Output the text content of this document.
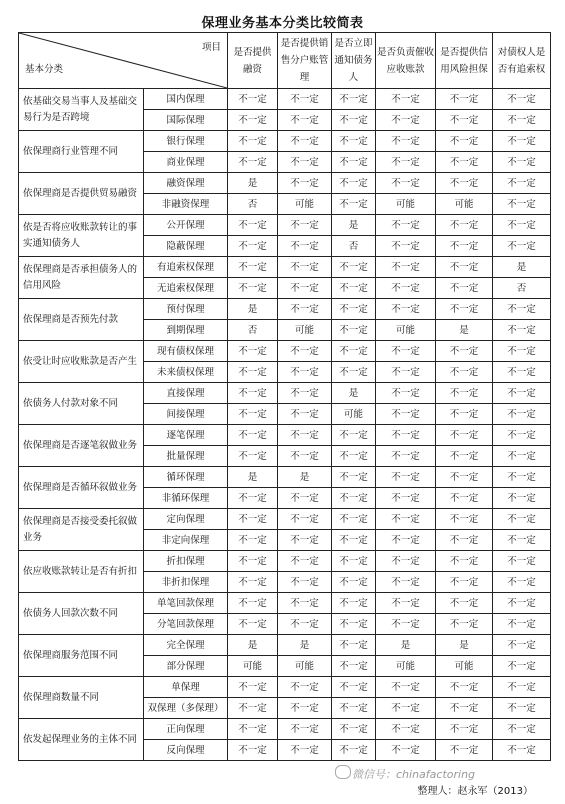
保理业务基本分类比较简表
项目
基本分类		是否提供融资	是否提供销售分户账管理	是否立即通知债务人	是否负责催收应收账款	是否提供信用风险担保	对债权人是否有追索权
依基础交易当事人及基础交易行为是否跨境	国内保理	不一定	不一定	不一定	不一定	不一定	不一定
	国际保理	不一定	不一定	不一定	不一定	不一定	不一定
依保理商行业管理不同	银行保理	不一定	不一定	不一定	不一定	不一定	不一定
	商业保理	不一定	不一定	不一定	不一定	不一定	不一定
依保理商是否提供贸易融资	融资保理	是	不一定	不一定	不一定	不一定	不一定
	非融资保理	否	可能	不一定	可能	可能	不一定
依是否将应收账款转让的事实通知债务人	公开保理	不一定	不一定	是	不一定	不一定	不一定
	隐蔽保理	不一定	不一定	否	不一定	不一定	不一定
依保理商是否承担债务人的信用风险	有追索权保理	不一定	不一定	不一定	不一定	不一定	是
	无追索权保理	不一定	不一定	不一定	不一定	不一定	否
依保理商是否预先付款	预付保理	是	不一定	不一定	不一定	不一定	不一定
	到期保理	否	可能	不一定	可能	是	不一定
依受让时应收账款是否产生	现有债权保理	不一定	不一定	不一定	不一定	不一定	不一定
	未来债权保理	不一定	不一定	不一定	不一定	不一定	不一定
依债务人付款对象不同	直接保理	不一定	不一定	是	不一定	不一定	不一定
	间接保理	不一定	不一定	可能	不一定	不一定	不一定
依保理商是否逐笔叙做业务	逐笔保理	不一定	不一定	不一定	不一定	不一定	不一定
	批量保理	不一定	不一定	不一定	不一定	不一定	不一定
依保理商是否循环叙做业务	循环保理	是	是	不一定	不一定	不一定	不一定
	非循环保理	不一定	不一定	不一定	不一定	不一定	不一定
依保理商是否接受委托叙做业务	定向保理	不一定	不一定	不一定	不一定	不一定	不一定
	非定向保理	不一定	不一定	不一定	不一定	不一定	不一定
依应收账款转让是否有折扣	折扣保理	不一定	不一定	不一定	不一定	不一定	不一定
	非折扣保理	不一定	不一定	不一定	不一定	不一定	不一定
依债务人回款次数不同	单笔回款保理	不一定	不一定	不一定	不一定	不一定	不一定
	分笔回款保理	不一定	不一定	不一定	不一定	不一定	不一定
依保理商服务范围不同	完全保理	是	是	不一定	是	是	不一定
	部分保理	可能	可能	不一定	可能	可能	不一定
依保理商数量不同	单保理	不一定	不一定	不一定	不一定	不一定	不一定
	双保理（多保理）	不一定	不一定	不一定	不一定	不一定	不一定
依发起保理业务的主体不同	正向保理	不一定	不一定	不一定	不一定	不一定	不一定
	反向保理	不一定	不一定	不一定	不一定	不一定	不一定
微信号：chinafactoring
整理人：赵永军（2013）
